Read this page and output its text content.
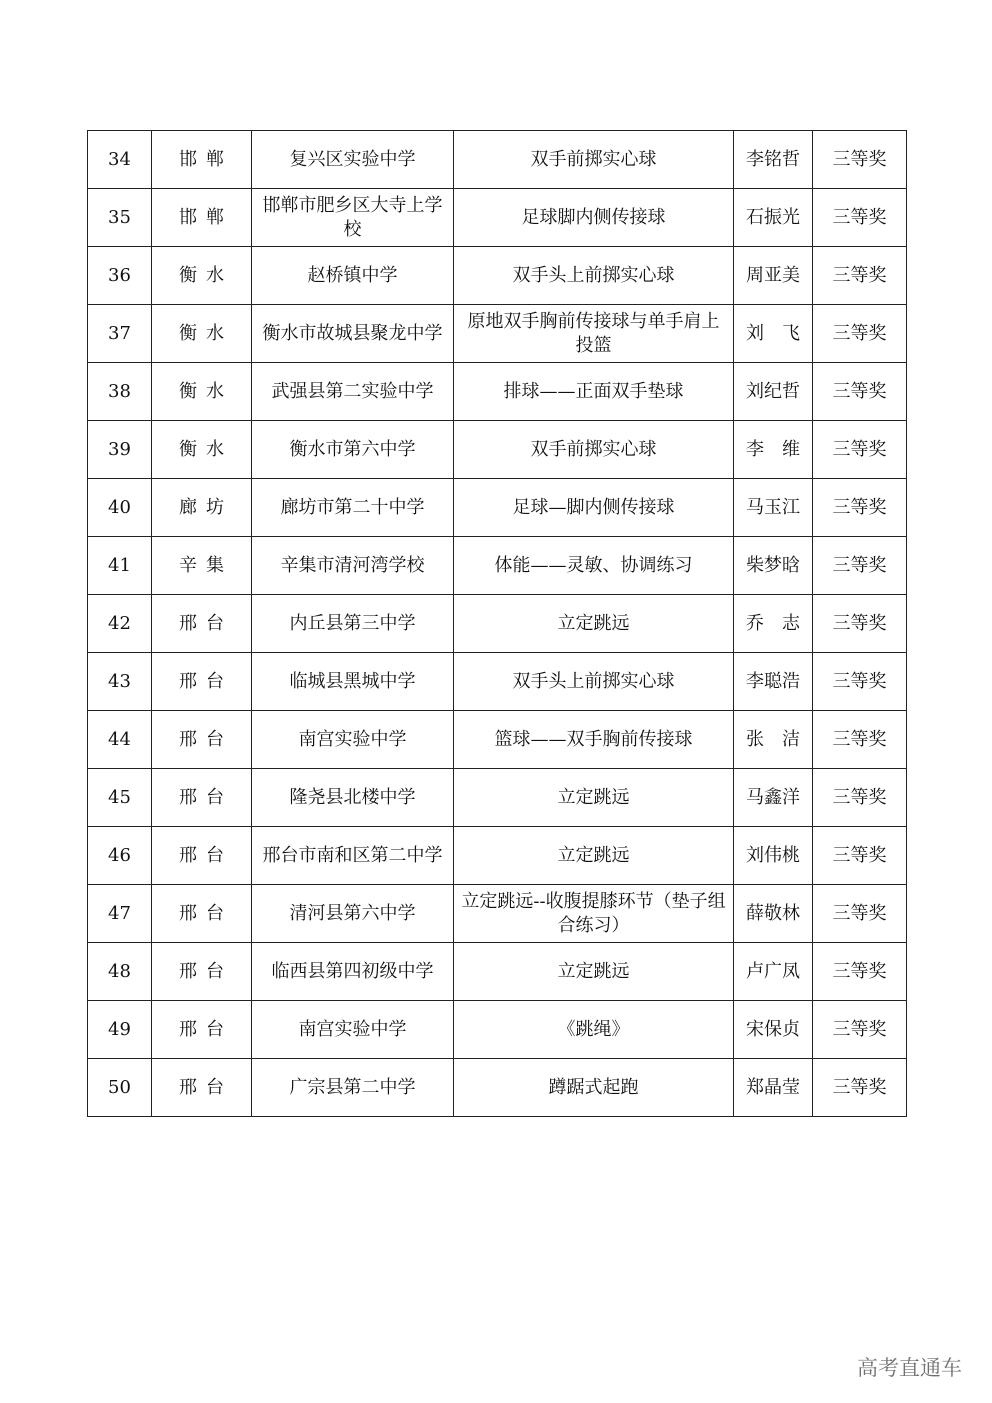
34	邯郸	复兴区实验中学	双手前掷实心球	李铭哲	三等奖
35	邯郸	邯郸市肥乡区大寺上学校	足球脚内侧传接球	石振光	三等奖
36	衡水	赵桥镇中学	双手头上前掷实心球	周亚美	三等奖
37	衡水	衡水市故城县聚龙中学	原地双手胸前传接球与单手肩上投篮	刘　飞	三等奖
38	衡水	武强县第二实验中学	排球——正面双手垫球	刘纪哲	三等奖
39	衡水	衡水市第六中学	双手前掷实心球	李　维	三等奖
40	廊坊	廊坊市第二十中学	足球—脚内侧传接球	马玉江	三等奖
41	辛集	辛集市清河湾学校	体能——灵敏、协调练习	柴梦晗	三等奖
42	邢台	内丘县第三中学	立定跳远	乔　志	三等奖
43	邢台	临城县黑城中学	双手头上前掷实心球	李聪浩	三等奖
44	邢台	南宫实验中学	篮球——双手胸前传接球	张　洁	三等奖
45	邢台	隆尧县北楼中学	立定跳远	马鑫洋	三等奖
46	邢台	邢台市南和区第二中学	立定跳远	刘伟桃	三等奖
47	邢台	清河县第六中学	立定跳远--收腹提膝环节（垫子组合练习）	薛敬林	三等奖
48	邢台	临西县第四初级中学	立定跳远	卢广凤	三等奖
49	邢台	南宫实验中学	《跳绳》	宋保贞	三等奖
50	邢台	广宗县第二中学	蹲踞式起跑	郑晶莹	三等奖
高考直通车
